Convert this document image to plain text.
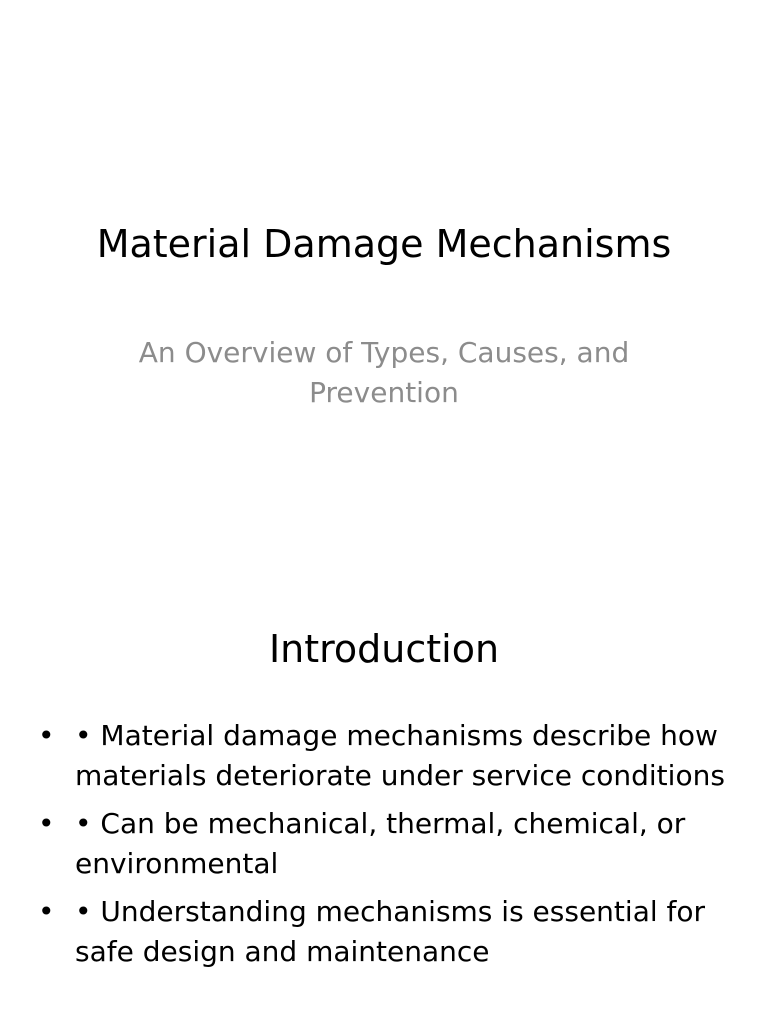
Material Damage Mechanisms

An Overview of Types, Causes, and Prevention

Introduction
• • Material damage mechanisms describe how materials deteriorate under service conditions
• • Can be mechanical, thermal, chemical, or environmental
• • Understanding mechanisms is essential for safe design and maintenance
